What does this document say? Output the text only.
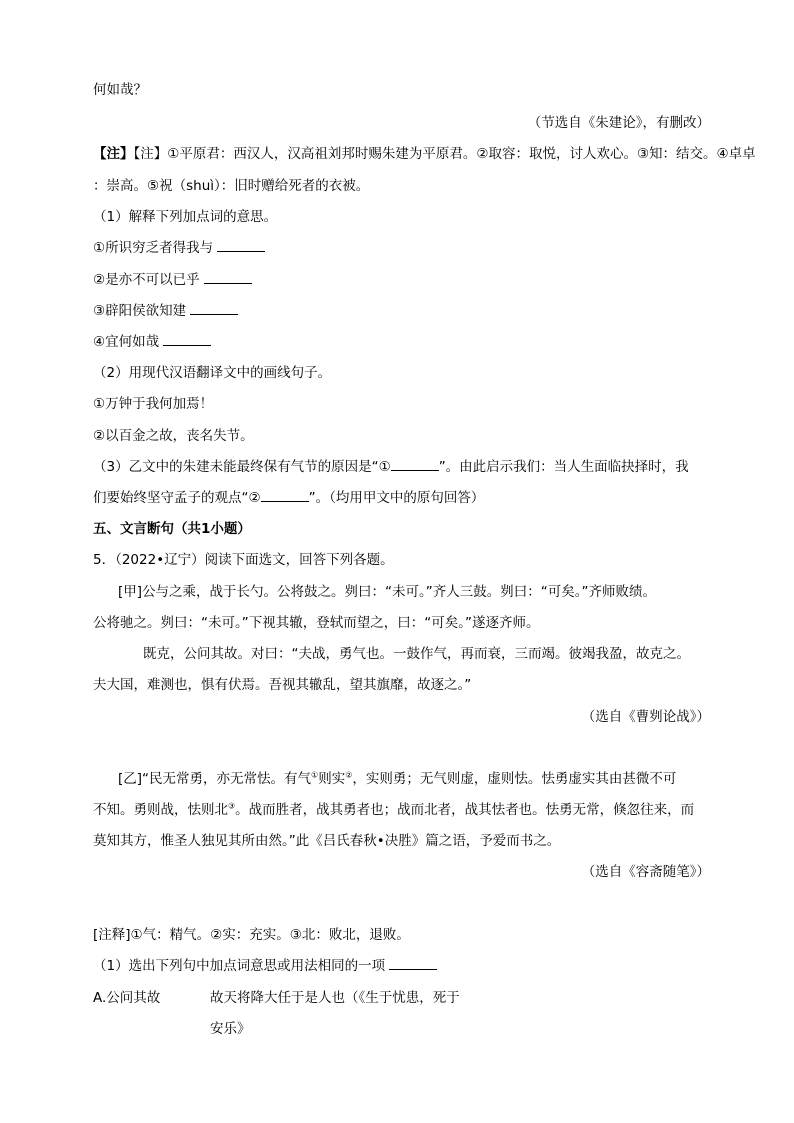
何如哉？
（节选自《朱建论》，有删改）
【注】【注】①平原君：西汉人，汉高祖刘邦时赐朱建为平原君。②取容：取悦，讨人欢心。③知：结交。④卓卓
：崇高。⑤祝（shuì）：旧时赠给死者的衣被。
（1）解释下列加点词的意思。
①所识穷乏者得我与
②是亦不可以已乎
③辟阳侯欲知建
④宜何如哉
（2）用现代汉语翻译文中的画线句子。
①万钟于我何加焉！
②以百金之故，丧名失节。
（3）乙文中的朱建未能最终保有气节的原因是“①	”。由此启示我们：当人生面临抉择时，我
们要始终坚守孟子的观点“②	”。（均用甲文中的原句回答）
五、文言断句（共1小题）
5．（2022•辽宁）阅读下面选文，回答下列各题。
[甲]公与之乘，战于长勺。公将鼓之。刿曰：“未可。”齐人三鼓。刿曰：“可矣。”齐师败绩。
公将驰之。刿曰：“未可。”下视其辙，登轼而望之，曰：“可矣。”遂逐齐师。
既克，公问其故。对曰：“夫战，勇气也。一鼓作气，再而衰，三而竭。彼竭我盈，故克之。
夫大国，难测也，惧有伏焉。吾视其辙乱，望其旗靡，故逐之。”
（选自《曹刿论战》）
[乙]“民无常勇，亦无常怯。有气①则实②，实则勇；无气则虚，虚则怯。怯勇虚实其由甚微不可
不知。勇则战，怯则北③。战而胜者，战其勇者也；战而北者，战其怯者也。怯勇无常，倏忽往来，而
莫知其方，惟圣人独见其所由然。”此《吕氏春秋•决胜》篇之语，予爱而书之。
（选自《容斋随笔》）
[注释]①气：精气。②实：充实。③北：败北，退败。
（1）选出下列句中加点词意思或用法相同的一项
A.公问其故	故天将降大任于是人也（《生于忧患，死于
安乐》
